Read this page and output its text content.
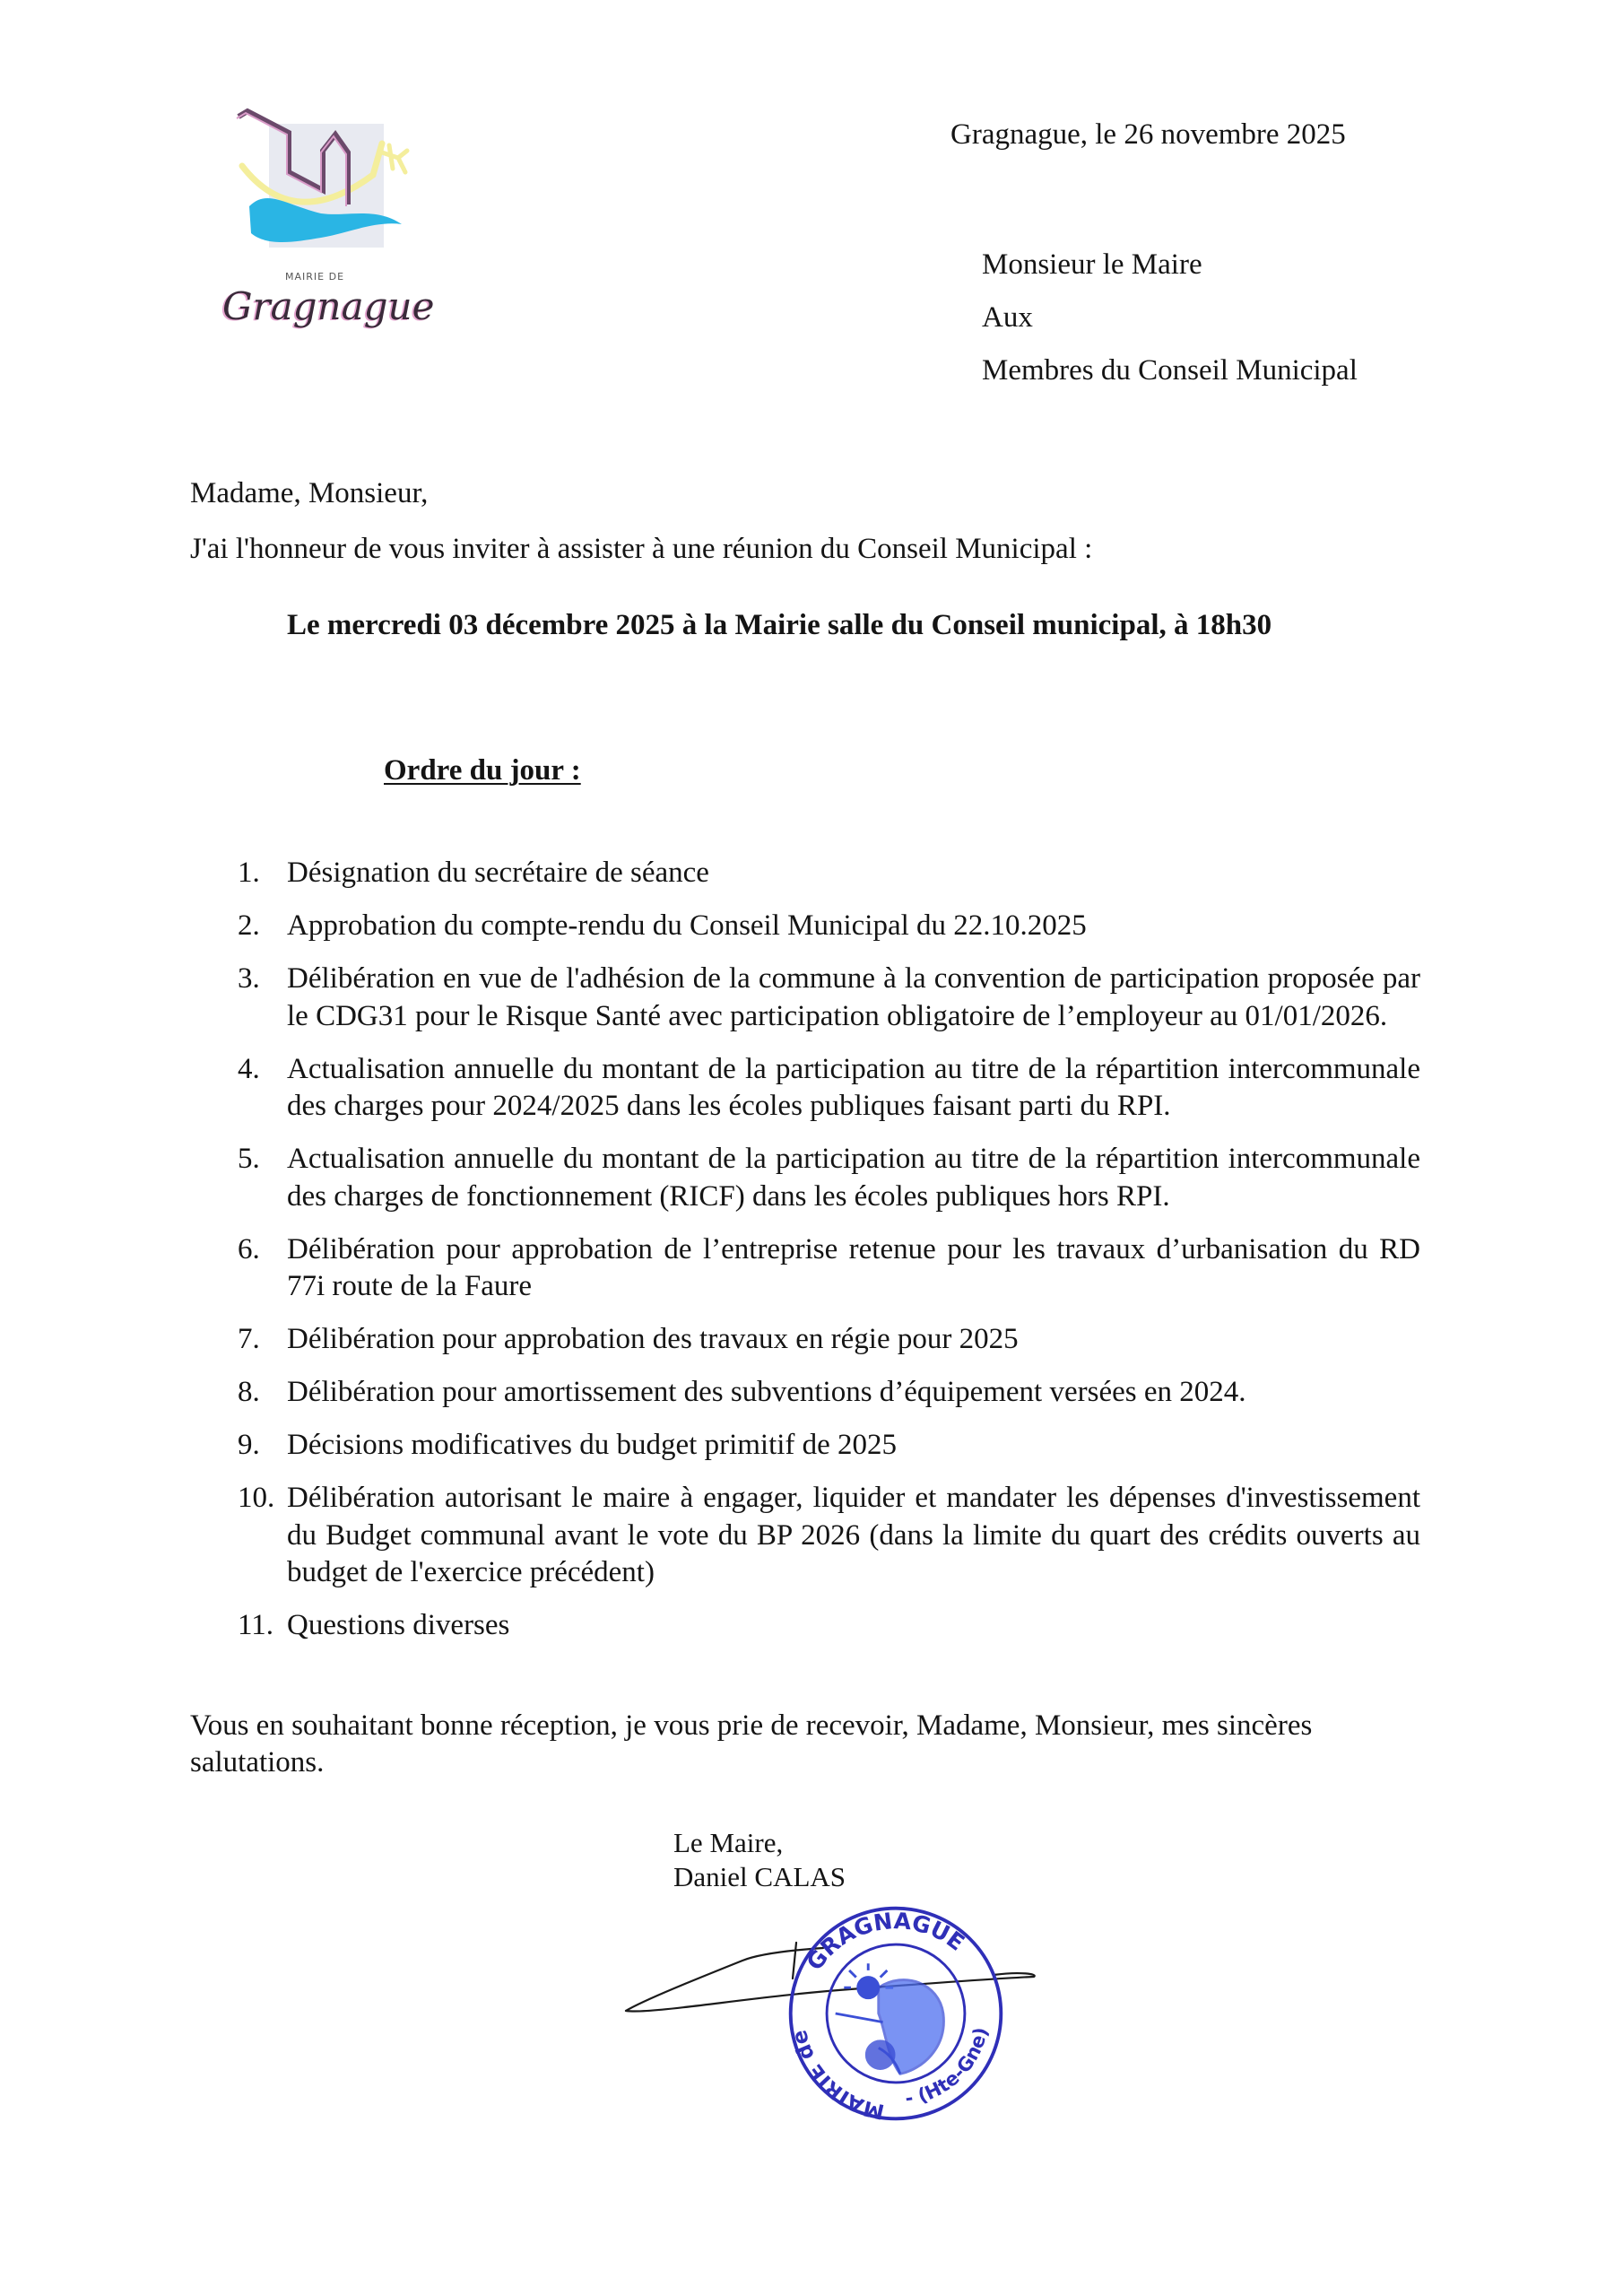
MAIRIE DE
Gragnague
Gragnague, le 26 novembre 2025
Monsieur le Maire
Aux
Membres du Conseil Municipal
Madame, Monsieur,
J'ai l'honneur de vous inviter à assister à une réunion du Conseil Municipal :
Le mercredi 03 décembre 2025 à la Mairie salle du Conseil municipal, à 18h30
Ordre du jour :
1. Désignation du secrétaire de séance
2. Approbation du compte-rendu du Conseil Municipal du 22.10.2025
3. Délibération en vue de l'adhésion de la commune à la convention de participation proposée par le CDG31 pour le Risque Santé avec participation obligatoire de l’employeur au 01/01/2026.
4. Actualisation annuelle du montant de la participation au titre de la répartition intercommunale des charges pour 2024/2025 dans les écoles publiques faisant parti du RPI.
5. Actualisation annuelle du montant de la participation au titre de la répartition intercommunale des charges de fonctionnement (RICF) dans les écoles publiques hors RPI.
6. Délibération pour approbation de l’entreprise retenue pour les travaux d’urbanisation du RD 77i route de la Faure
7. Délibération pour approbation des travaux en régie pour 2025
8. Délibération pour amortissement des subventions d’équipement versées en 2024.
9. Décisions modificatives du budget primitif de 2025
10. Délibération autorisant le maire à engager, liquider et mandater les dépenses d'investissement du Budget communal avant le vote du BP 2026 (dans la limite du quart des crédits ouverts au budget de l'exercice précédent)
11. Questions diverses
Vous en souhaitant bonne réception, je vous prie de recevoir, Madame, Monsieur, mes sincères salutations.
Le Maire,
Daniel CALAS
MAIRIE de
GRAGNAGUE
- (Hte-Gne)
